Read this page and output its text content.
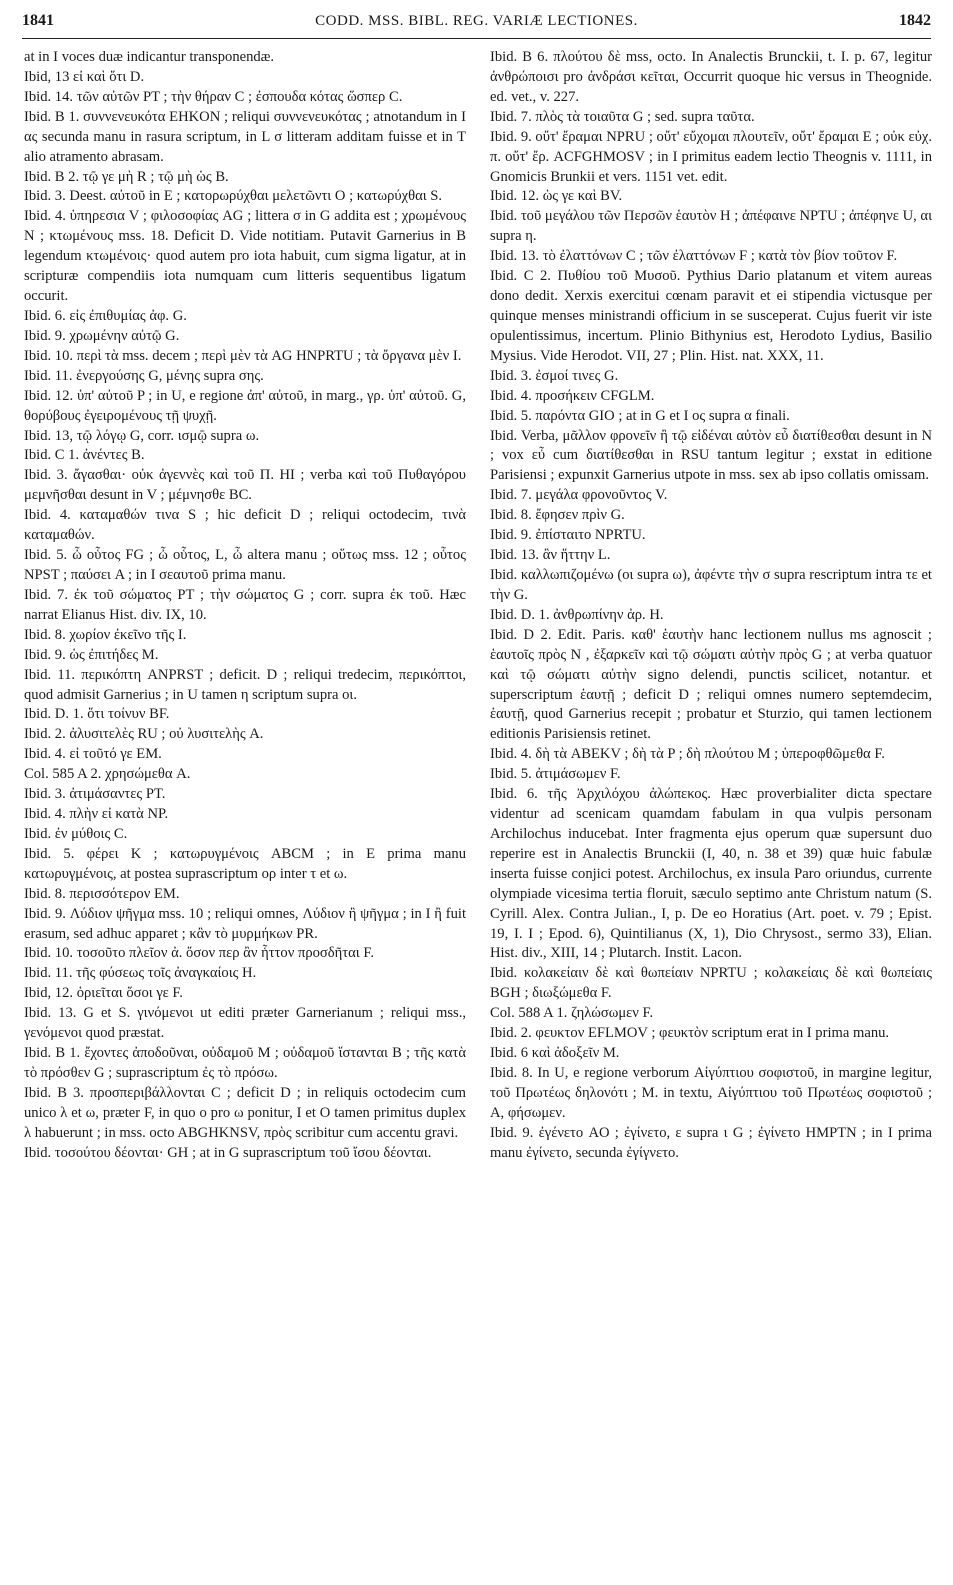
1841	CODD. MSS. BIBL. REG. VARIÆ LECTIONES.	1842

at in I voces duæ indicantur transponendæ.

Ibid, 13 εἰ καὶ ὅτι D.

Ibid. 14. τῶν αὐτῶν PT ; τὴν θήραν C ; ἐσπουδα κότας ὥσπερ C.

Ibid. B 1. συννενευκότα EHKON ; reliqui συννενευκότας ; atnotandum in I ας secunda manu in rasura scriptum, in L σ litteram additam fuisse et in T alio atramento abrasam.

Ibid. B 2. τῷ γε μὴ R ; τῷ μὴ ὡς B.

Ibid. 3. Deest. αὐτοῦ in E ; κατορωρύχθαι μελετῶντι O ; κατωρύχθαι S.

Ibid. 4. ὑπηρεσια V ; φιλοσοφίας AG ; littera σ in G addita est ; χρωμένους N ; κτωμένους mss. 18. Deficit D. Vide notitiam. Putavit Garnerius in B legendum κτωμένοις· quod autem pro iota habuit, cum sigma ligatur, at in scripturæ compendiis iota numquam cum litteris sequentibus ligatum occurit.

Ibid. 6. εἰς ἐπιθυμίας ἀφ. G.

Ibid. 9. χρωμένην αὐτῷ G.

Ibid. 10. περὶ τὰ mss. decem ; περὶ μὲν τὰ AG HNPRTU ; τὰ ὄργανα μὲν I.

Ibid. 11. ἐνεργούσης G, μένης supra σης.

Ibid. 12. ὑπ' αὐτοῦ P ; in U, e regione ἀπ' αὐτοῦ, in marg., γρ. ὑπ' αὐτοῦ. G, θορύβους ἐγειρομένους τῇ ψυχῇ.

Ibid. 13, τῷ λόγῳ G, corr. ισμῷ supra ω.

Ibid. C 1. ἀνέντες B.

Ibid. 3. ἄγασθαι· οὐκ ἀγεννὲς καὶ τοῦ Π. HI ; verba καὶ τοῦ Πυθαγόρου μεμνῆσθαι desunt in V ; μέμνησθε BC.

Ibid. 4. καταμαθών τινα S ; hic deficit D ; reliqui octodecim, τινὰ καταμαθών.

Ibid. 5. ὦ οὗτος FG ; ὦ οὗτος, L, ὦ altera manu ; οὕτως mss. 12 ; οὗτος NPST ; παύσει A ; in I σεαυτοῦ prima manu.

Ibid. 7. ἐκ τοῦ σώματος PT ; τὴν σώματος G ; corr. supra ἐκ τοῦ. Hæc narrat Elianus Hist. div. IX, 10.

Ibid. 8. χωρίον ἐκεῖνο τῆς I.

Ibid. 9. ὡς ἐπιτήδες M.

Ibid. 11. περικόπτη ANPRST ; deficit. D ; reliqui tredecim, περικόπτοι, quod admisit Garnerius ; in U tamen η scriptum supra οι.

Ibid. D. 1. ὅτι τοίνυν BF.

Ibid. 2. ἀλυσιτελὲς RU ; οὐ λυσιτελὴς A.

Ibid. 4. εἰ τοῦτό γε EM.

Col. 585 A 2. χρησώμεθα A.

Ibid. 3. ἀτιμάσαντες PT.

Ibid. 4. πλὴν εἰ κατὰ NP.

Ibid. ἐν μύθοις C.

Ibid. 5. φέρει K ; κατωρυγμένοις ABCM ; in E prima manu κατωρυγμένοις, at postea suprascriptum ορ inter τ et ω.

Ibid. 8. περισσότερον EM.

Ibid. 9. Λύδιον ψῆγμα mss. 10 ; reliqui omnes, Λύδιον ἢ ψῆγμα ; in I ἢ fuit erasum, sed adhuc apparet ; κἂν τὸ μυρμήκων PR.

Ibid. 10. τοσοῦτο πλεῖον ἀ. ὅσον περ ἂν ἧττον προσδῆται F.

Ibid. 11. τῆς φύσεως τοῖς ἀναγκαίοις H.

Ibid, 12. ὁριεῖται ὅσοι γε F.

Ibid. 13. G et S. γινόμενοι ut editi præter Garnerianum ; reliqui mss., γενόμενοι quod præstat.

Ibid. B 1. ἔχοντες ἀποδοῦναι, οὐδαμοῦ M ; οὐδαμοῦ ἵστανται B ; τῆς κατὰ τὸ πρόσθεν G ; suprascriptum ἐς τὸ πρόσω.

Ibid. B 3. προσπεριβάλλονται C ; deficit D ; in reliquis octodecim cum unico λ et ω, præter F, in quo ο pro ω ponitur, I et O tamen primitus duplex λ habuerunt ; in mss. octo ABGHKNSV, πρὸς scribitur cum accentu gravi.

Ibid. τοσούτου δέονται· GH ; at in G suprascriptum τοῦ ἴσου δέονται.

Ibid. B 6. πλούτου δὲ mss, octo. In Analectis Brunckii, t. I. p. 67, legitur ἀνθρώποισι pro ἀνδράσι κεῖται, Occurrit quoque hic versus in Theognide. ed. vet., v. 227.

Ibid. 7. πλὸς τὰ τοιαῦτα G ; sed. supra ταῦτα.

Ibid. 9. οὔτ' ἔραμαι NPRU ; οὔτ' εὔχομαι πλουτεῖν, οὔτ' ἔραμαι E ; οὐκ εὐχ. π. οὔτ' ἔρ. ACFGHMOSV ; in I primitus eadem lectio Theognis v. 1111, in Gnomicis Brunkii et vers. 1151 vet. edit.

Ibid. 12. ὡς γε καὶ BV.

Ibid. τοῦ μεγάλου τῶν Περσῶν ἑαυτὸν H ; ἀπέφαινε NPTU ; ἀπέφηνε U, αι supra η.

Ibid. 13. τὸ ἐλαττόνων C ; τῶν ἐλαττόνων F ; κατὰ τὸν βίον τοῦτον F.

Ibid. C 2. Πυθίου τοῦ Μυσοῦ. Pythius Dario platanum et vitem aureas dono dedit. Xerxis exercitui cœnam paravit et ei stipendia victusque per quinque menses ministrandi officium in se susceperat. Cujus fuerit vir iste opulentissimus, incertum. Plinio Bithynius est, Herodoto Lydius, Basilio Mysius. Vide Herodot. VII, 27 ; Plin. Hist. nat. XXX, 11.

Ibid. 3. ἐσμοί τινες G.

Ibid. 4. προσήκειν CFGLM.

Ibid. 5. παρόντα GIO ; at in G et I ος supra α finali.

Ibid. Verba, μᾶλλον φρονεῖν ἢ τῷ εἰδέναι αὐτὸν εὖ διατίθεσθαι desunt in N ; vox εὖ cum διατίθεσθαι in RSU tantum legitur ; exstat in editione Parisiensi ; expunxit Garnerius utpote in mss. sex ab ipso collatis omissam.

Ibid. 7. μεγάλα φρονοῦντος V.

Ibid. 8. ἔφησεν πρὶν G.

Ibid. 9. ἐπίσταιτο NPRTU.

Ibid. 13. ἂν ἥττην L.

Ibid. καλλωπιζομένω (οι supra ω), ἀφέντε τὴν σ supra rescriptum intra τε et τὴν G.

Ibid. D. 1. ἀνθρωπίνην ἀρ. H.

Ibid. D 2. Edit. Paris. καθ' ἑαυτὴν hanc lectionem nullus ms agnoscit ; ἑαυτοῖς πρὸς N , ἐξαρκεῖν καὶ τῷ σώματι αὐτὴν πρὸς G ; at verba quatuor καὶ τῷ σώματι αὐτὴν signo delendi, punctis scilicet, notantur. et superscriptum ἑαυτῇ ; deficit D ; reliqui omnes numero septemdecim, ἑαυτῇ, quod Garnerius recepit ; probatur et Sturzio, qui tamen lectionem editionis Parisiensis retinet.

Ibid. 4. δὴ τὰ ABEKV ; δὴ τὰ P ; δὴ πλούτου M ; ὑπεροφθῶμεθα F.

Ibid. 5. ἀτιμάσωμεν F.

Ibid. 6. τῆς Ἀρχιλόχου ἀλώπεκος. Hæc proverbialiter dicta spectare videntur ad scenicam quamdam fabulam in qua vulpis personam Archilochus inducebat. Inter fragmenta ejus operum quæ supersunt duo reperire est in Analectis Brunckii (I, 40, n. 38 et 39) quæ huic fabulæ inserta fuisse conjici potest. Archilochus, ex insula Paro oriundus, currente olympiade vicesima tertia floruit, sæculo septimo ante Christum natum (S. Cyrill. Alex. Contra Julian., I, p. De eo Horatius (Art. poet. v. 79 ; Epist. 19, I. I ; Epod. 6), Quintilianus (X, 1), Dio Chrysost., sermo 33), Elian. Hist. div., XIII, 14 ; Plutarch. Instit. Lacon.

Ibid. κολακείαιν δὲ καὶ θωπείαιν NPRTU ; κολακείαις δὲ καὶ θωπείαις BGH ; διωξώμεθα F.

Col. 588 A 1. ζηλώσωμεν F.

Ibid. 2. φευκτον EFLMOV ; φευκτὸν scriptum erat in I prima manu.

Ibid. 6 καὶ ἀδοξεῖν M.

Ibid. 8. In U, e regione verborum Αἰγύπτιου σοφιστοῦ, in margine legitur, τοῦ Πρωτέως δηλονότι ; M. in textu, Αἰγύπτιου τοῦ Πρωτέως σοφιστοῦ ; A, φήσωμεν.

Ibid. 9. ἐγένετο AO ; ἐγίνετο, ε supra ι G ; ἐγίνετο HMPTN ; in I prima manu ἐγίνετο, secunda ἐγίγνετο.
